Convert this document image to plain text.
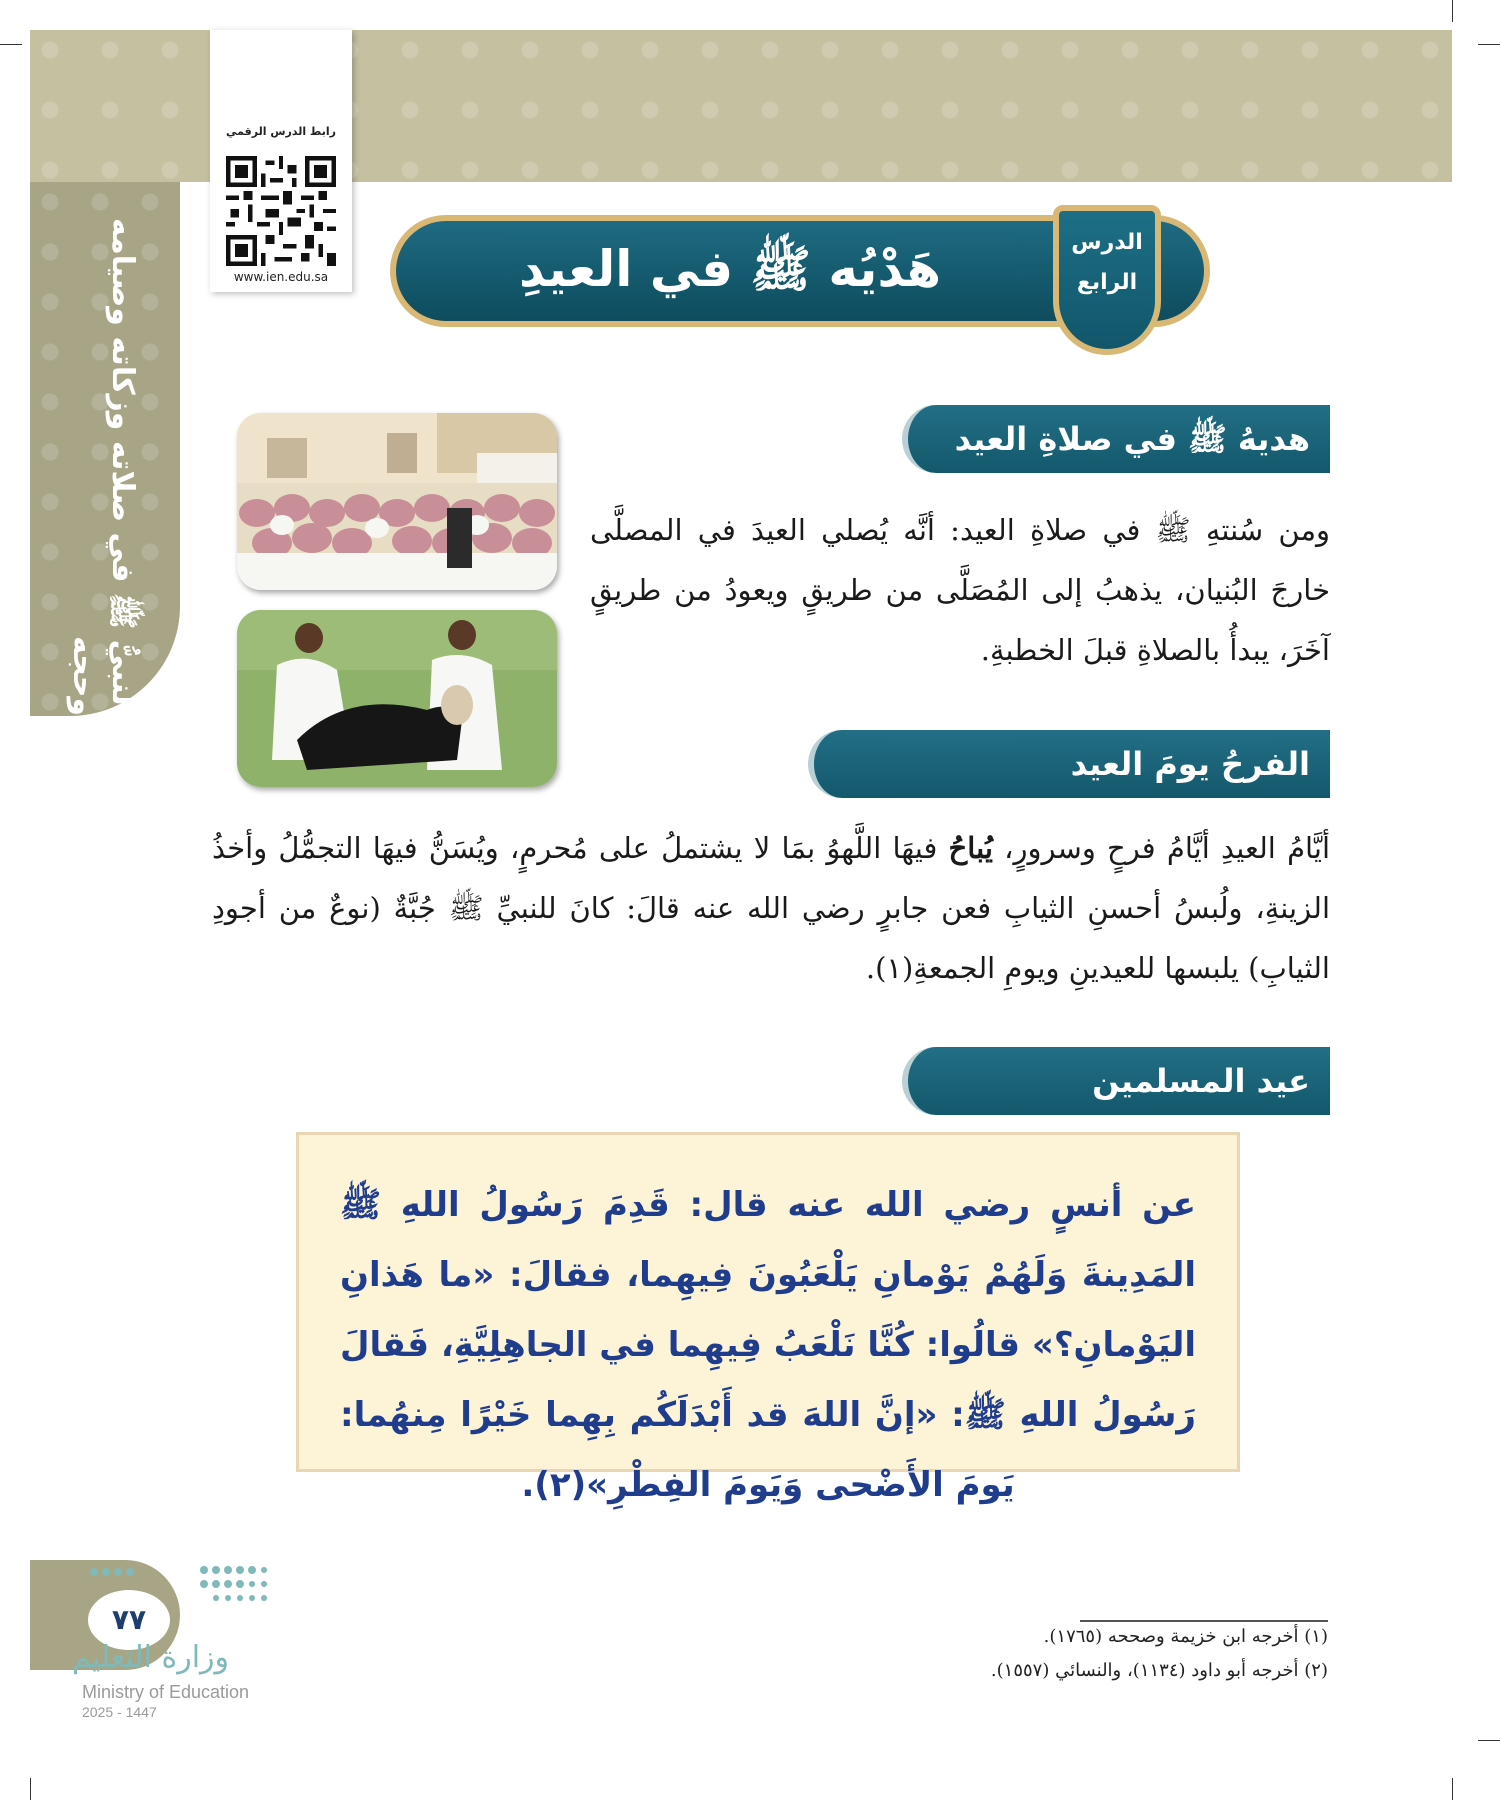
النبيُّ ﷺ في صلاته وزكاته وصيامه وحجه
رابط الدرس الرقمي
www.ien.edu.sa	هَدْيُه ﷺ في العيدِ	الدرس
الرابع
هديهُ ﷺ في صلاةِ العيد

ومن سُنتهِ ﷺ في صلاةِ العيد: أنَّه يُصلي العيدَ في المصلَّى خارجَ البُنيان، يذهبُ إلى المُصَلَّى من طريقٍ ويعودُ من طريقٍ آخَرَ، يبدأُ بالصلاةِ قبلَ الخطبةِ.

الفرحُ يومَ العيد

أيَّامُ العيدِ أيَّامُ فرحٍ وسرورٍ، يُباحُ فيهَا اللَّهوُ بمَا لا يشتملُ على مُحرمٍ، ويُسَنُّ فيهَا التجمُّلُ وأخذُ الزينةِ، ولُبسُ أحسنِ الثيابِ فعن جابرٍ رضي الله عنه قالَ: كانَ للنبيِّ ﷺ جُبَّةٌ (نوعٌ من أجودِ الثيابِ) يلبسها للعيدينِ ويومِ الجمعةِ(١).

عيد المسلمين

عن أنسٍ رضي الله عنه قال: قَدِمَ رَسُولُ اللهِ ﷺ المَدِينةَ وَلَهُمْ يَوْمانِ يَلْعَبُونَ فِيهِما، فقالَ: «ما هَذانِ اليَوْمانِ؟» قالُوا: كُنَّا نَلْعَبُ فِيهِما في الجاهِلِيَّةِ، فَقالَ رَسُولُ اللهِ ﷺ: «إنَّ اللهَ قد أَبْدَلَكُم بِهِما خَيْرًا مِنهُما: يَومَ الأَضْحى وَيَومَ الفِطْرِ»(٢).

(١) أخرجه ابن خزيمة وصححه (١٧٦٥).
(٢) أخرجه أبو داود (١١٣٤)، والنسائي (١٥٥٧).
٧٧
وزارة التعليم
Ministry of Education
2025 - 1447
